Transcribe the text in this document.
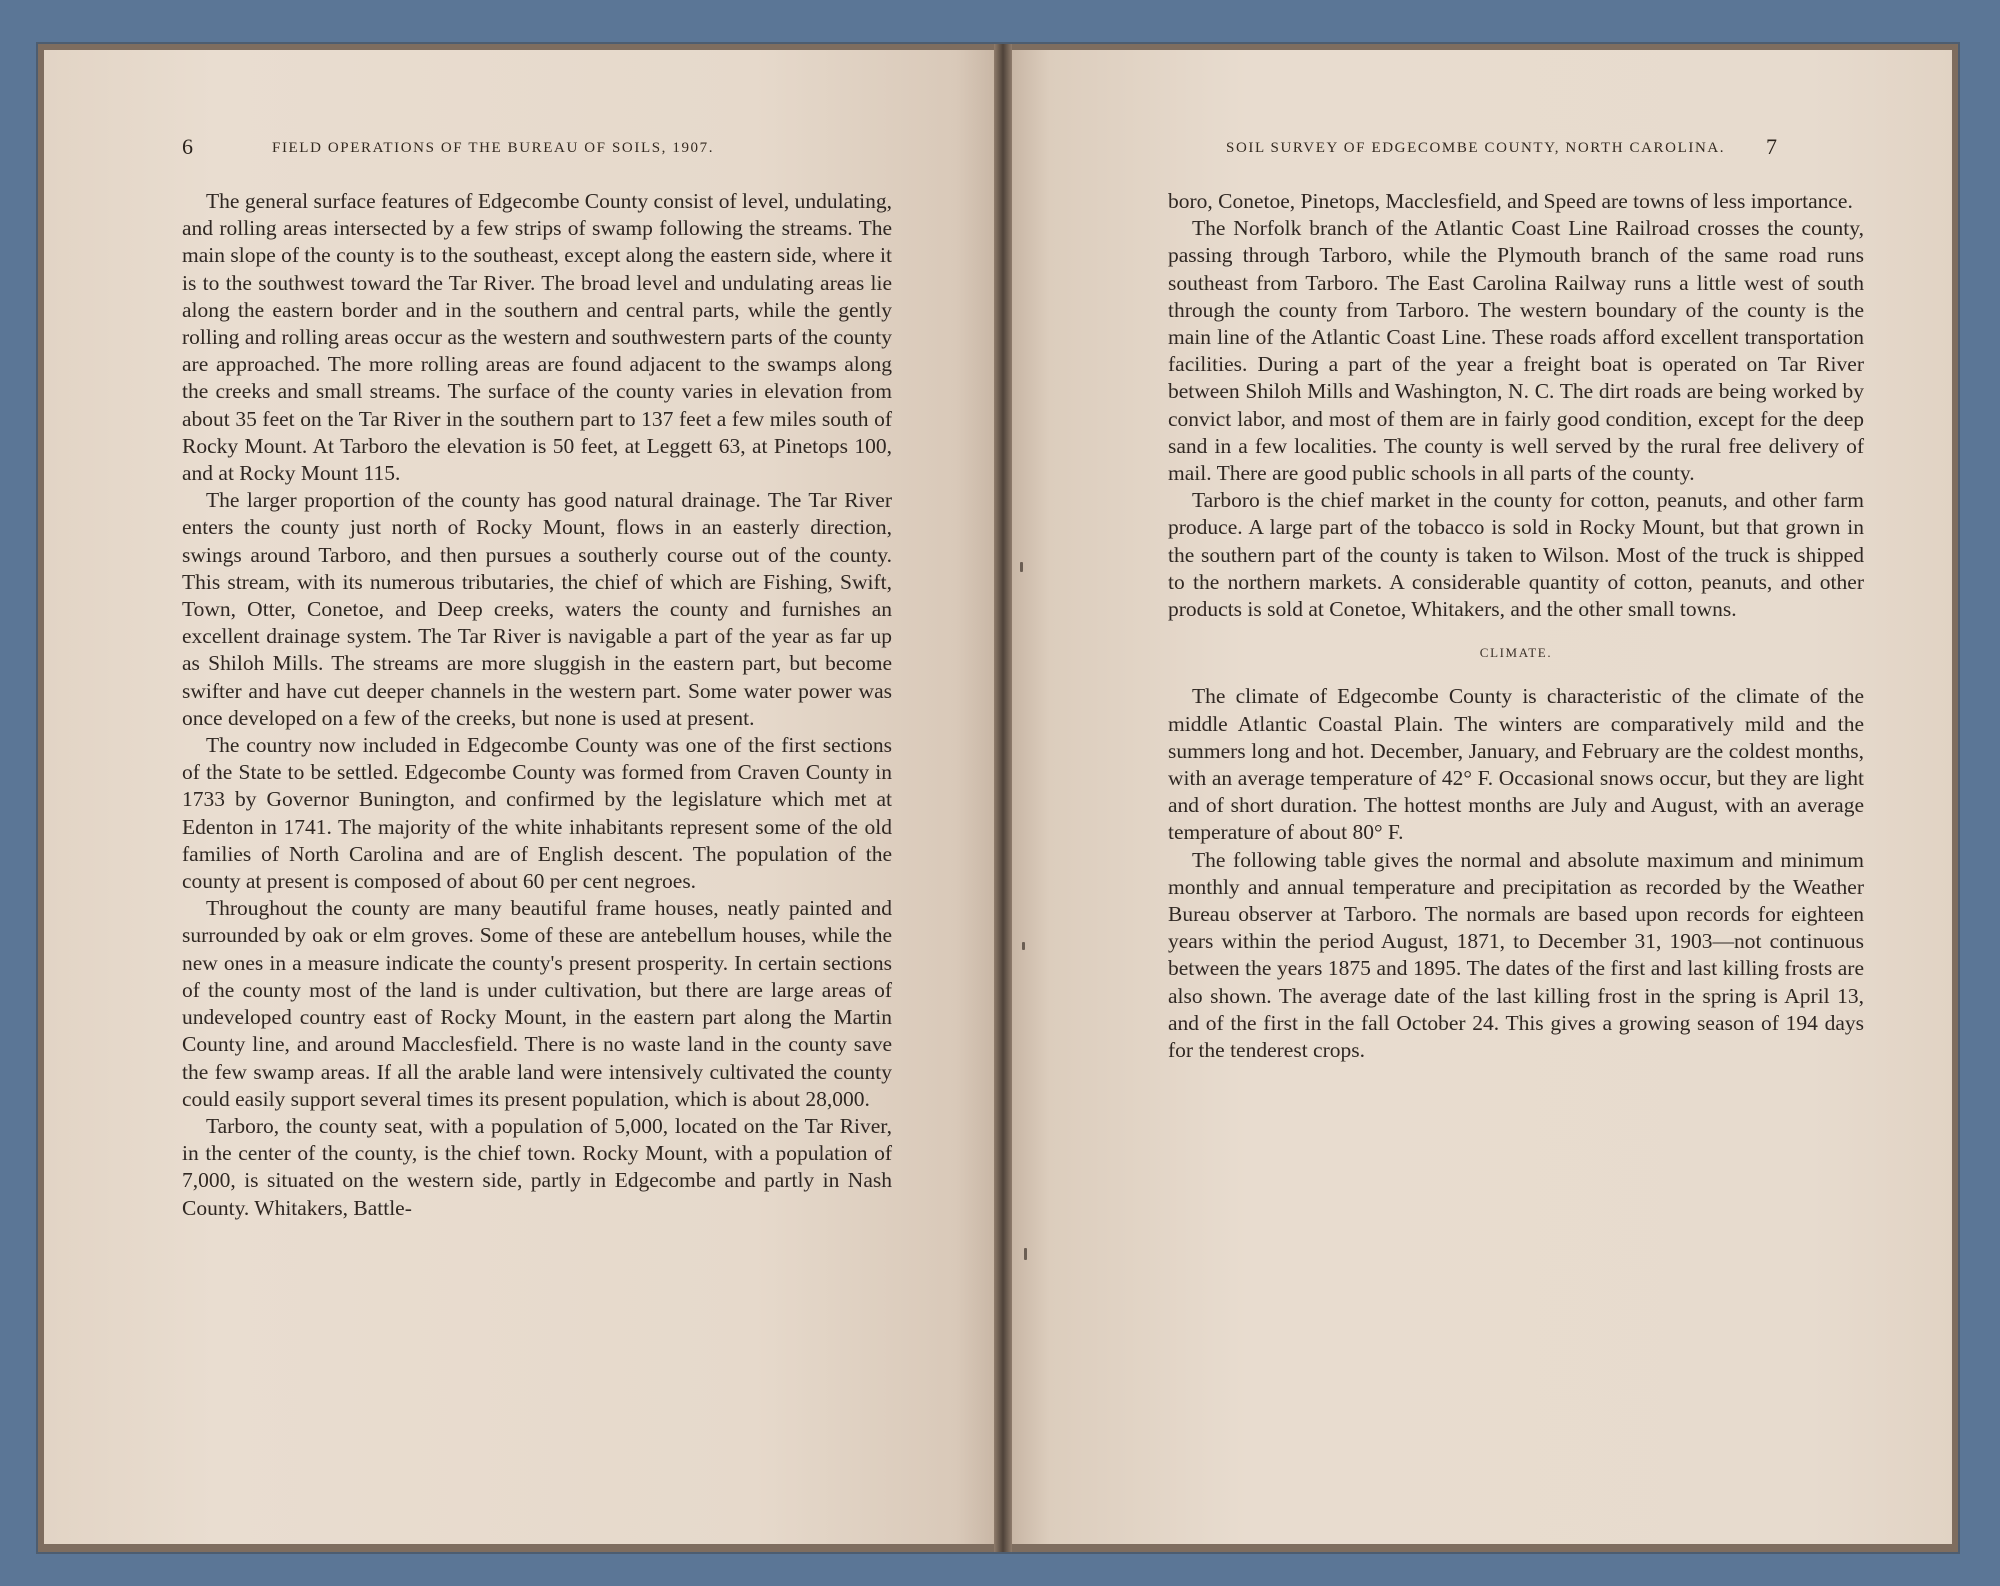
6	FIELD OPERATIONS OF THE BUREAU OF SOILS, 1907.

The general surface features of Edgecombe County consist of level, undulating, and rolling areas intersected by a few strips of swamp following the streams. The main slope of the county is to the southeast, except along the eastern side, where it is to the southwest toward the Tar River. The broad level and undulating areas lie along the eastern border and in the southern and central parts, while the gently rolling and rolling areas occur as the western and southwestern parts of the county are approached. The more rolling areas are found adjacent to the swamps along the creeks and small streams. The surface of the county varies in elevation from about 35 feet on the Tar River in the southern part to 137 feet a few miles south of Rocky Mount. At Tarboro the elevation is 50 feet, at Leggett 63, at Pinetops 100, and at Rocky Mount 115.

The larger proportion of the county has good natural drainage. The Tar River enters the county just north of Rocky Mount, flows in an easterly direction, swings around Tarboro, and then pursues a southerly course out of the county. This stream, with its numerous tributaries, the chief of which are Fishing, Swift, Town, Otter, Conetoe, and Deep creeks, waters the county and furnishes an excellent drainage system. The Tar River is navigable a part of the year as far up as Shiloh Mills. The streams are more sluggish in the eastern part, but become swifter and have cut deeper channels in the western part. Some water power was once developed on a few of the creeks, but none is used at present.

The country now included in Edgecombe County was one of the first sections of the State to be settled. Edgecombe County was formed from Craven County in 1733 by Governor Bunington, and confirmed by the legislature which met at Edenton in 1741. The majority of the white inhabitants represent some of the old families of North Carolina and are of English descent. The population of the county at present is composed of about 60 per cent negroes.

Throughout the county are many beautiful frame houses, neatly painted and surrounded by oak or elm groves. Some of these are antebellum houses, while the new ones in a measure indicate the county's present prosperity. In certain sections of the county most of the land is under cultivation, but there are large areas of undeveloped country east of Rocky Mount, in the eastern part along the Martin County line, and around Macclesfield. There is no waste land in the county save the few swamp areas. If all the arable land were intensively cultivated the county could easily support several times its present population, which is about 28,000.

Tarboro, the county seat, with a population of 5,000, located on the Tar River, in the center of the county, is the chief town. Rocky Mount, with a population of 7,000, is situated on the western side, partly in Edgecombe and partly in Nash County. Whitakers, Battle-

SOIL SURVEY OF EDGECOMBE COUNTY, NORTH CAROLINA. 7

boro, Conetoe, Pinetops, Macclesfield, and Speed are towns of less importance.

The Norfolk branch of the Atlantic Coast Line Railroad crosses the county, passing through Tarboro, while the Plymouth branch of the same road runs southeast from Tarboro. The East Carolina Railway runs a little west of south through the county from Tarboro. The western boundary of the county is the main line of the Atlantic Coast Line. These roads afford excellent transportation facilities. During a part of the year a freight boat is operated on Tar River between Shiloh Mills and Washington, N. C. The dirt roads are being worked by convict labor, and most of them are in fairly good condition, except for the deep sand in a few localities. The county is well served by the rural free delivery of mail. There are good public schools in all parts of the county.

Tarboro is the chief market in the county for cotton, peanuts, and other farm produce. A large part of the tobacco is sold in Rocky Mount, but that grown in the southern part of the county is taken to Wilson. Most of the truck is shipped to the northern markets. A considerable quantity of cotton, peanuts, and other products is sold at Conetoe, Whitakers, and the other small towns.

CLIMATE.

The climate of Edgecombe County is characteristic of the climate of the middle Atlantic Coastal Plain. The winters are comparatively mild and the summers long and hot. December, January, and February are the coldest months, with an average temperature of 42° F. Occasional snows occur, but they are light and of short duration. The hottest months are July and August, with an average temperature of about 80° F.

The following table gives the normal and absolute maximum and minimum monthly and annual temperature and precipitation as recorded by the Weather Bureau observer at Tarboro. The normals are based upon records for eighteen years within the period August, 1871, to December 31, 1903—not continuous between the years 1875 and 1895. The dates of the first and last killing frosts are also shown. The average date of the last killing frost in the spring is April 13, and of the first in the fall October 24. This gives a growing season of 194 days for the tenderest crops.
